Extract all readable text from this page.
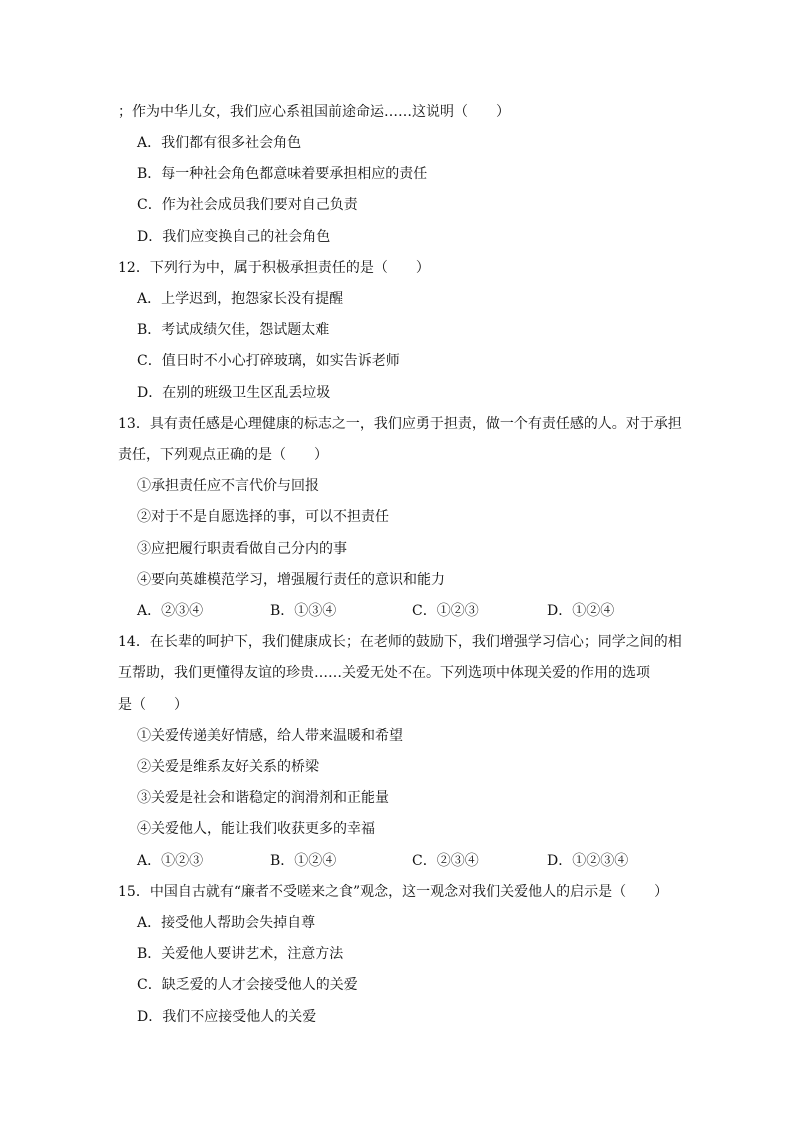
；作为中华儿女，我们应心系祖国前途命运……这说明（　　）
A．我们都有很多社会角色
B．每一种社会角色都意味着要承担相应的责任
C．作为社会成员我们要对自己负责
D．我们应变换自己的社会角色
12．下列行为中，属于积极承担责任的是（　　）
A．上学迟到，抱怨家长没有提醒
B．考试成绩欠佳，怨试题太难
C．值日时不小心打碎玻璃，如实告诉老师
D．在别的班级卫生区乱丢垃圾
13．具有责任感是心理健康的标志之一，我们应勇于担责，做一个有责任感的人。对于承担
责任，下列观点正确的是（　　）
①承担责任应不言代价与回报
②对于不是自愿选择的事，可以不担责任
③应把履行职责看做自己分内的事
④要向英雄模范学习，增强履行责任的意识和能力
A．②③④	B．①③④	C．①②③	D．①②④
14．在长辈的呵护下，我们健康成长；在老师的鼓励下，我们增强学习信心；同学之间的相
互帮助，我们更懂得友谊的珍贵……关爱无处不在。下列选项中体现关爱的作用的选项
是（　　）
①关爱传递美好情感，给人带来温暖和希望
②关爱是维系友好关系的桥梁
③关爱是社会和谐稳定的润滑剂和正能量
④关爱他人，能让我们收获更多的幸福
A．①②③	B．①②④	C．②③④	D．①②③④
15．中国自古就有“廉者不受嗟来之食”观念，这一观念对我们关爱他人的启示是（　　）
A．接受他人帮助会失掉自尊
B．关爱他人要讲艺术，注意方法
C．缺乏爱的人才会接受他人的关爱
D．我们不应接受他人的关爱
